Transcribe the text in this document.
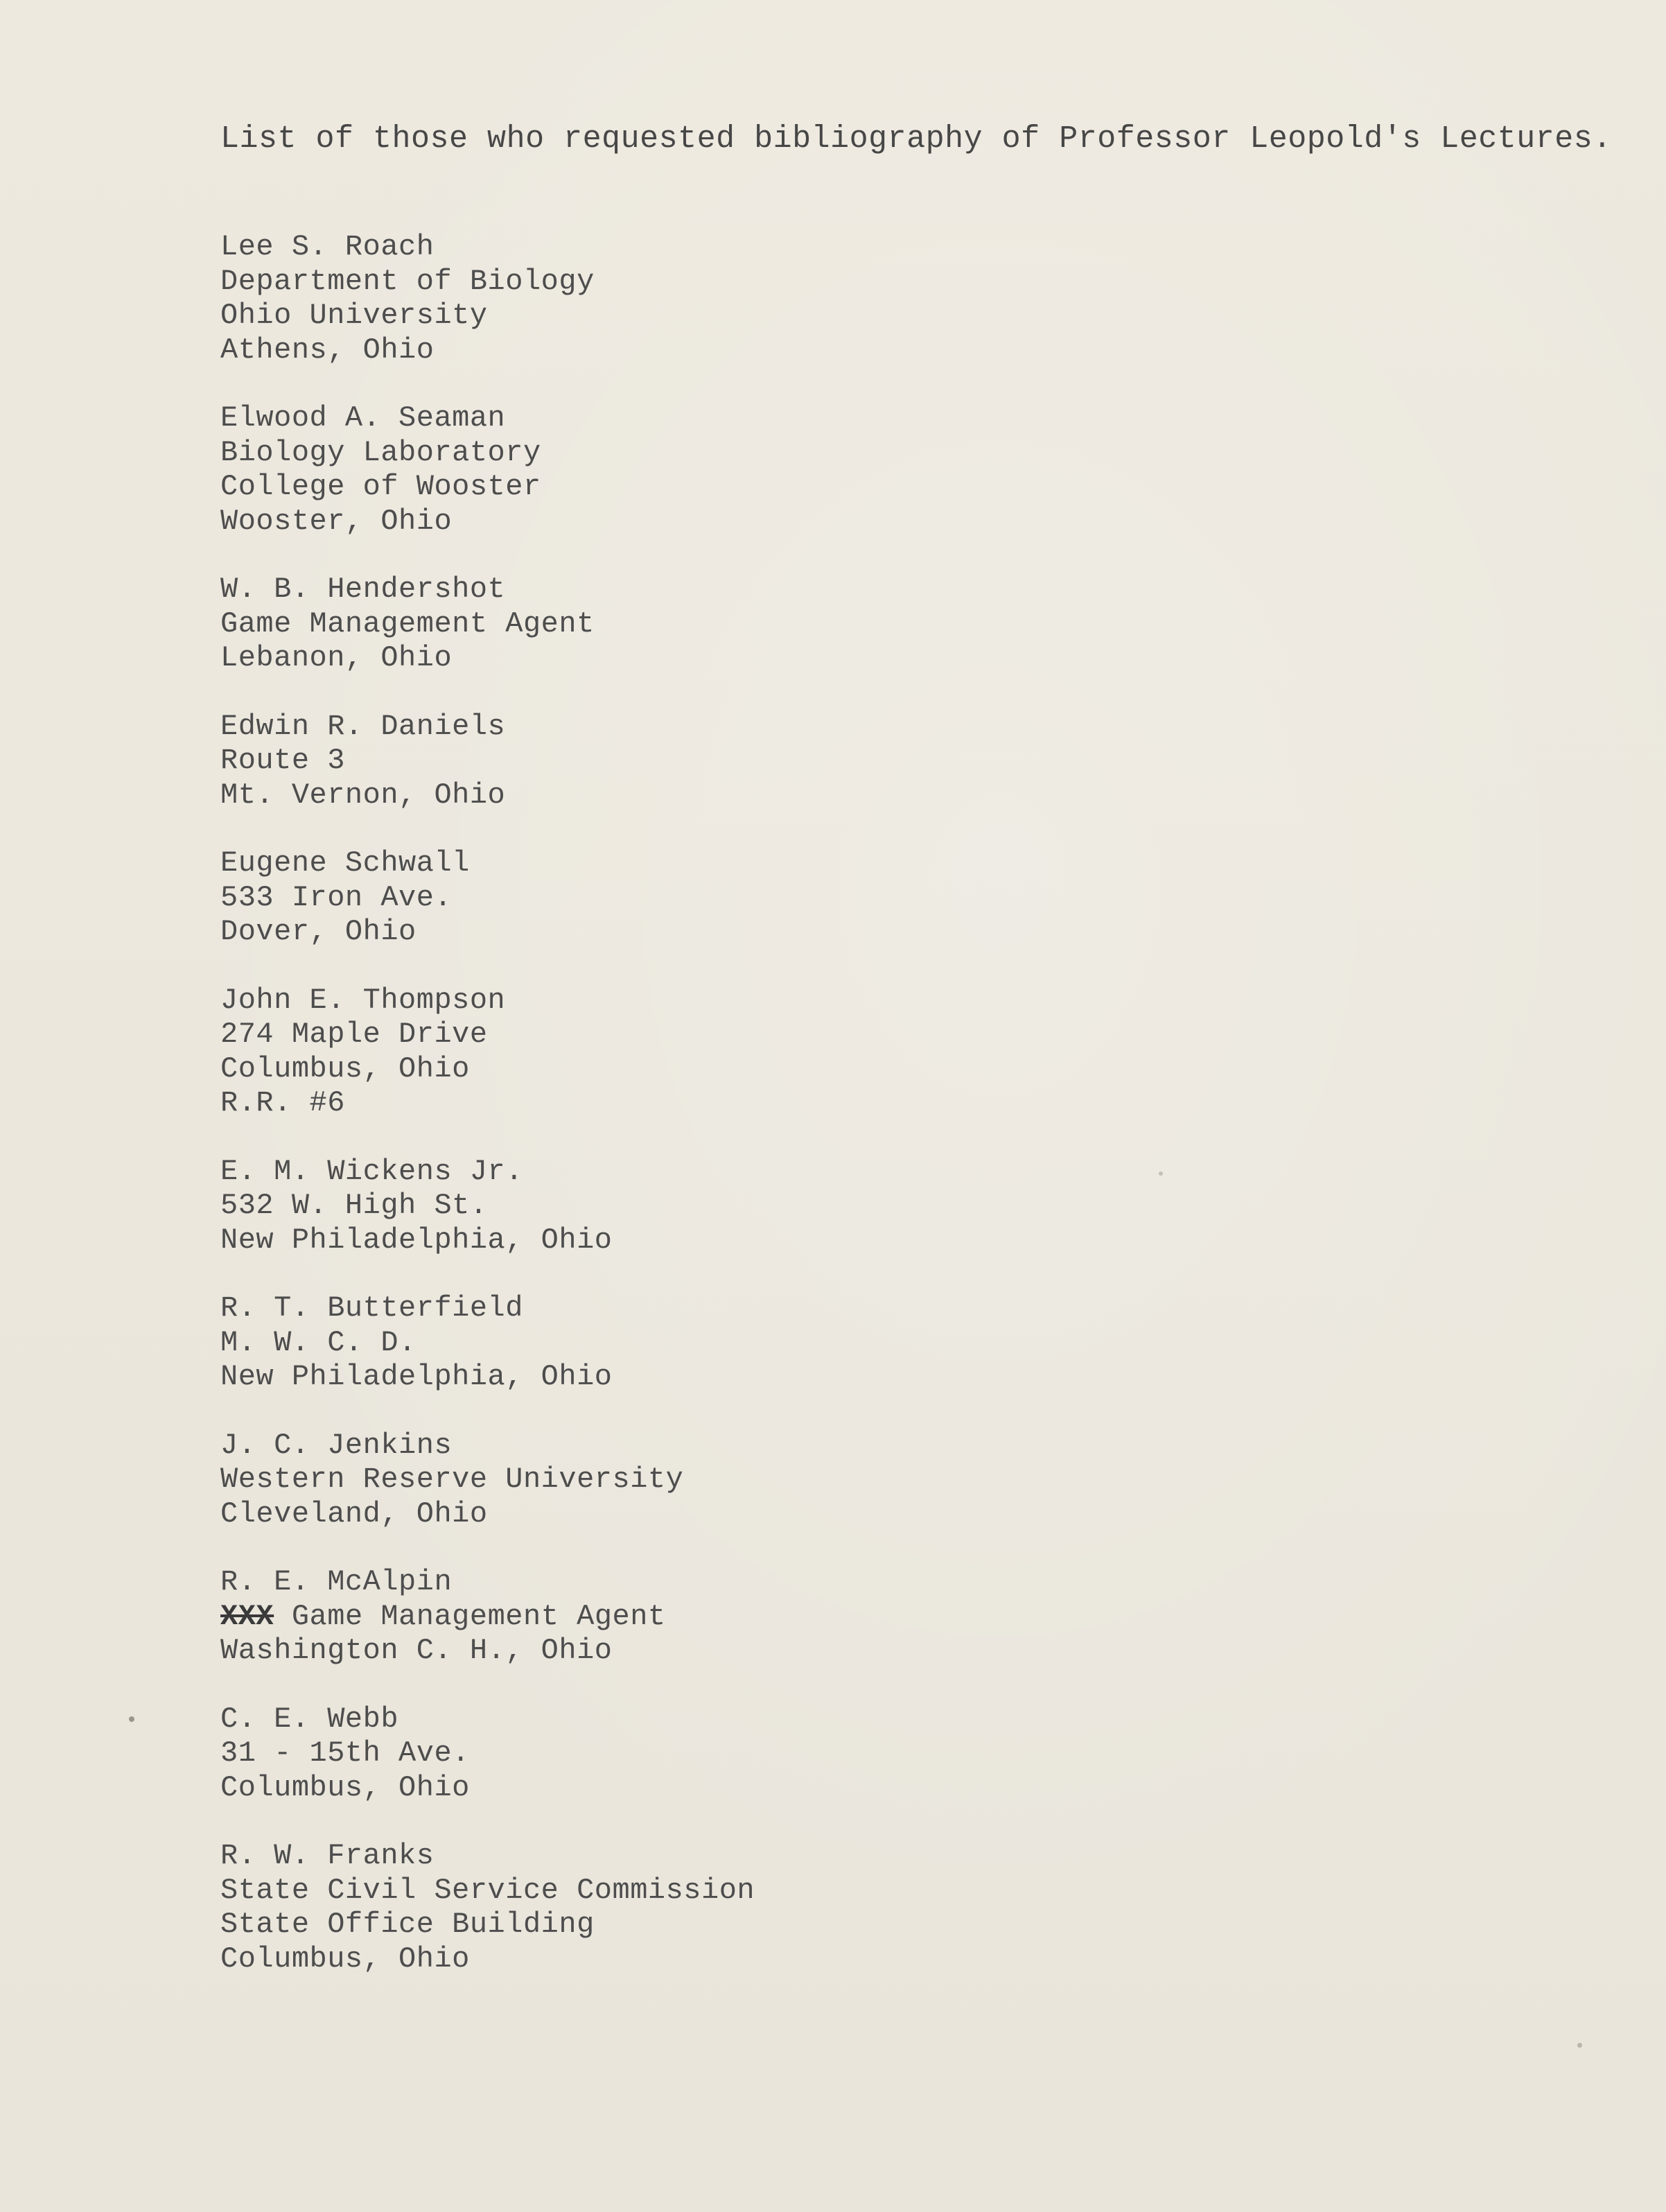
List of those who requested bibliography of Professor Leopold's Lectures.
Lee S. Roach
Department of Biology
Ohio University
Athens, Ohio
Elwood A. Seaman
Biology Laboratory
College of Wooster
Wooster, Ohio
W. B. Hendershot
Game Management Agent
Lebanon, Ohio
Edwin R. Daniels
Route 3
Mt. Vernon, Ohio
Eugene Schwall
533 Iron Ave.
Dover, Ohio
John E. Thompson
274 Maple Drive
Columbus, Ohio
R.R. #6
E. M. Wickens Jr.
532 W. High St.
New Philadelphia, Ohio
R. T. Butterfield
M. W. C. D.
New Philadelphia, Ohio
J. C. Jenkins
Western Reserve University
Cleveland, Ohio
R. E. McAlpin
XXX Game Management Agent
Washington C. H., Ohio
C. E. Webb
31 - 15th Ave.
Columbus, Ohio
R. W. Franks
State Civil Service Commission
State Office Building
Columbus, Ohio
